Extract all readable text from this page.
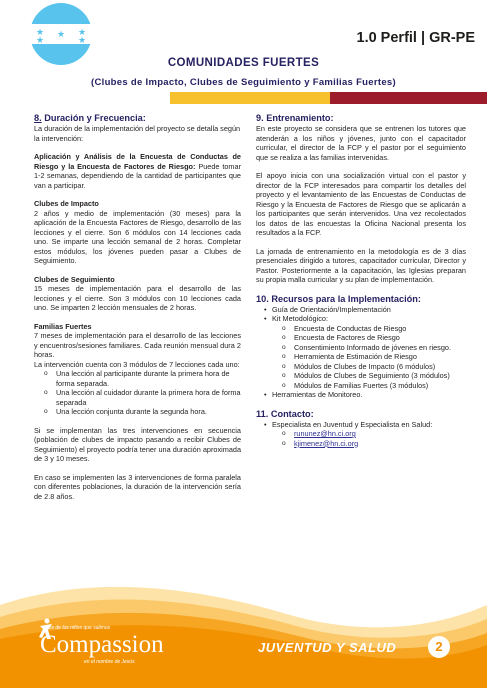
★
★
★ ★
★	1.0 Perfil | GR-PE
COMUNIDADES FUERTES
(Clubes de Impacto, Clubes de Seguimiento y Familias Fuertes)
8. Duración y Frecuencia:
La duración de la implementación del proyecto se detalla según la intervención:
Aplicación y Análisis de la Encuesta de Conductas de Riesgo y la Encuesta de Factores de Riesgo: Puede tomar 1-2 semanas, dependiendo de la cantidad de participantes que van a participar.
Clubes de Impacto
2 años y medio de implementación (30 meses) para la aplicación de la Encuesta Factores de Riesgo, desarrollo de las lecciones y el cierre. Son 6 módulos con 14 lecciones cada uno. Se imparte una lección semanal de 2 horas. Completar estos módulos, los jóvenes pueden pasar a Clubes de Seguimiento.
Clubes de Seguimiento
15 meses de implementación para el desarrollo de las lecciones y el cierre. Son 3 módulos con 10 lecciones cada uno. Se imparten 2 lección mensuales de 2 horas.
Familias Fuertes
7 meses de implementación para el desarrollo de las lecciones y encuentros/sesiones familiares. Cada reunión mensual dura 2 horas.
La intervención cuenta con 3 módulos de 7 lecciones cada uno:
o Una lección al participante durante la primera hora de forma separada.
o Una lección al cuidador durante la primera hora de forma separada
o Una lección conjunta durante la segunda hora.
Si se implementan las tres intervenciones en secuencia (población de clubes de impacto pasando a recibir Clubes de Seguimiento) el proyecto podría tener una duración aproximada de 3 y 10 meses.
En caso se implementen las 3 intervenciones de forma paralela con diferentes poblaciones, la duración de la intervención sería de 2.8 años.
9. Entrenamiento:
En este proyecto se considera que se entrenen los tutores que atenderán a los niños y jóvenes, junto con el capacitador curricular, el director de la FCP y el pastor por el seguimiento que se realiza a las familias intervenidas.
El apoyo inicia con una socialización virtual con el pastor y director de la FCP interesados para compartir los detalles del proyecto y el levantamiento de las Encuestas de Conductas de Riesgo y la Encuesta de Factores de Riesgo que se aplicarán a los participantes que serán intervenidos. Una vez recolectados los datos de las encuestas la Oficina Nacional presenta los resultados a la FCP.
La jornada de entrenamiento en la metodología es de 3 días presenciales dirigido a tutores, capacitador curricular, Director y Pastor. Posteriormente a la capacitación, las Iglesias preparan su propia malla curricular y su plan de implementación.
10. Recursos para la Implementación:
• Guía de Orientación/Implementación
• Kit Metodológico:
o Encuesta de Conductas de Riesgo
o Encuesta de Factores de Riesgo
o Consentimiento Informado de jóvenes en riesgo.
o Herramienta de Estimación de Riesgo
o Módulos de Clubes de Impacto (6 módulos)
o Módulos de Clubes de Seguimiento (3 módulos)
o Módulos de Familias Fuertes (3 módulos)
• Herramientas de Monitoreo.
11. Contacto:
• Especialista en Juventud y Especialista en Salud:
o rununez@hn.ci.org
o kjimenez@hn.ci.org
Dios de los niños que salimos
Compassion
en el nombre de Jesús
JUVENTUD Y SALUD	2
